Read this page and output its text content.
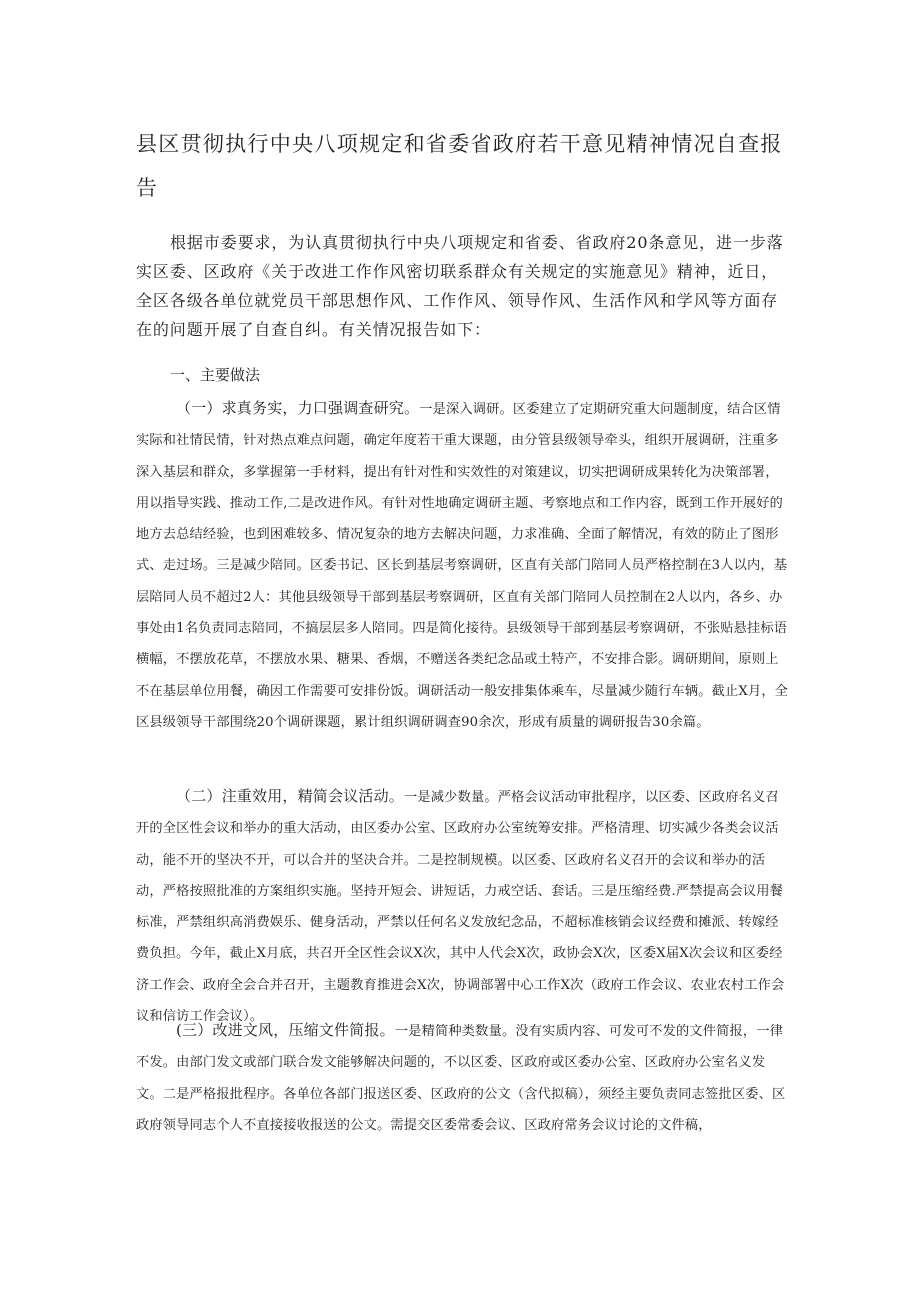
县区贯彻执行中央八项规定和省委省政府若干意见精神情况自查报告

根据市委要求，为认真贯彻执行中央八项规定和省委、省政府20条意见，进一步落实区委、区政府《关于改进工作作风密切联系群众有关规定的实施意见》精神，近日，全区各级各单位就党员干部思想作风、工作作风、领导作风、生活作风和学风等方面存在的问题开展了自查自纠。有关情况报告如下：

一、主要做法

（一）求真务实，力口强调查研究。一是深入调研。区委建立了定期研究重大问题制度，结合区情实际和社情民情，针对热点难点问题，确定年度若干重大课题，由分管县级领导牵头，组织开展调研，注重多深入基层和群众，多掌握第一手材料，提出有针对性和实效性的对策建议，切实把调研成果转化为决策部署，用以指导实践、推动工作,二是改进作风。有针对性地确定调研主题、考察地点和工作内容，既到工作开展好的地方去总结经验，也到困难较多、情况复杂的地方去解决问题，力求准确、全面了解情况，有效的防止了图形式、走过场。三是减少陪同。区委书记、区长到基层考察调研，区直有关部门陪同人员严格控制在3人以内，基层陪同人员不超过2人：其他县级领导干部到基层考察调研，区直有关部门陪同人员控制在2人以内，各乡、办事处由1名负责同志陪同，不搞层层多人陪同。四是简化接待。县级领导干部到基层考察调研，不张贴悬挂标语横幅，不摆放花草，不摆放水果、糖果、香烟，不赠送各类纪念品或土特产，不安排合影。调研期间，原则上不在基层单位用餐，确因工作需要可安排份饭。调研活动一般安排集体乘车，尽量减少随行车辆。截止X月，全区县级领导干部围绕20个调研课题，累计组织调研调查90余次，形成有质量的调研报告30余篇。

（二）注重效用，精简会议活动。一是减少数量。严格会议活动审批程序，以区委、区政府名义召开的全区性会议和举办的重大活动，由区委办公室、区政府办公室统筹安排。严格清理、切实减少各类会议活动，能不开的坚决不开，可以合并的坚决合并。二是控制规模。以区委、区政府名义召开的会议和举办的活动，严格按照批准的方案组织实施。坚持开短会、讲短话，力戒空话、套话。三是压缩经费.严禁提高会议用餐标准，严禁组织高消费娱乐、健身活动，严禁以任何名义发放纪念品，不超标准核销会议经费和摊派、转嫁经费负担。今年，截止X月底，共召开全区性会议X次，其中人代会X次，政协会X次，区委X届X次会议和区委经济工作会、政府全会合并召开，主题教育推进会X次，协调部署中心工作X次（政府工作会议、农业农村工作会议和信访工作会议）。

(三）改进文风，压缩文件简报。一是精简种类数量。没有实质内容、可发可不发的文件简报，一律不发。由部门发文或部门联合发文能够解决问题的，不以区委、区政府或区委办公室、区政府办公室名义发文。二是严格报批程序。各单位各部门报送区委、区政府的公文（含代拟稿），须经主要负责同志签批区委、区政府领导同志个人不直接接收报送的公文。需提交区委常委会议、区政府常务会议讨论的文件稿，
